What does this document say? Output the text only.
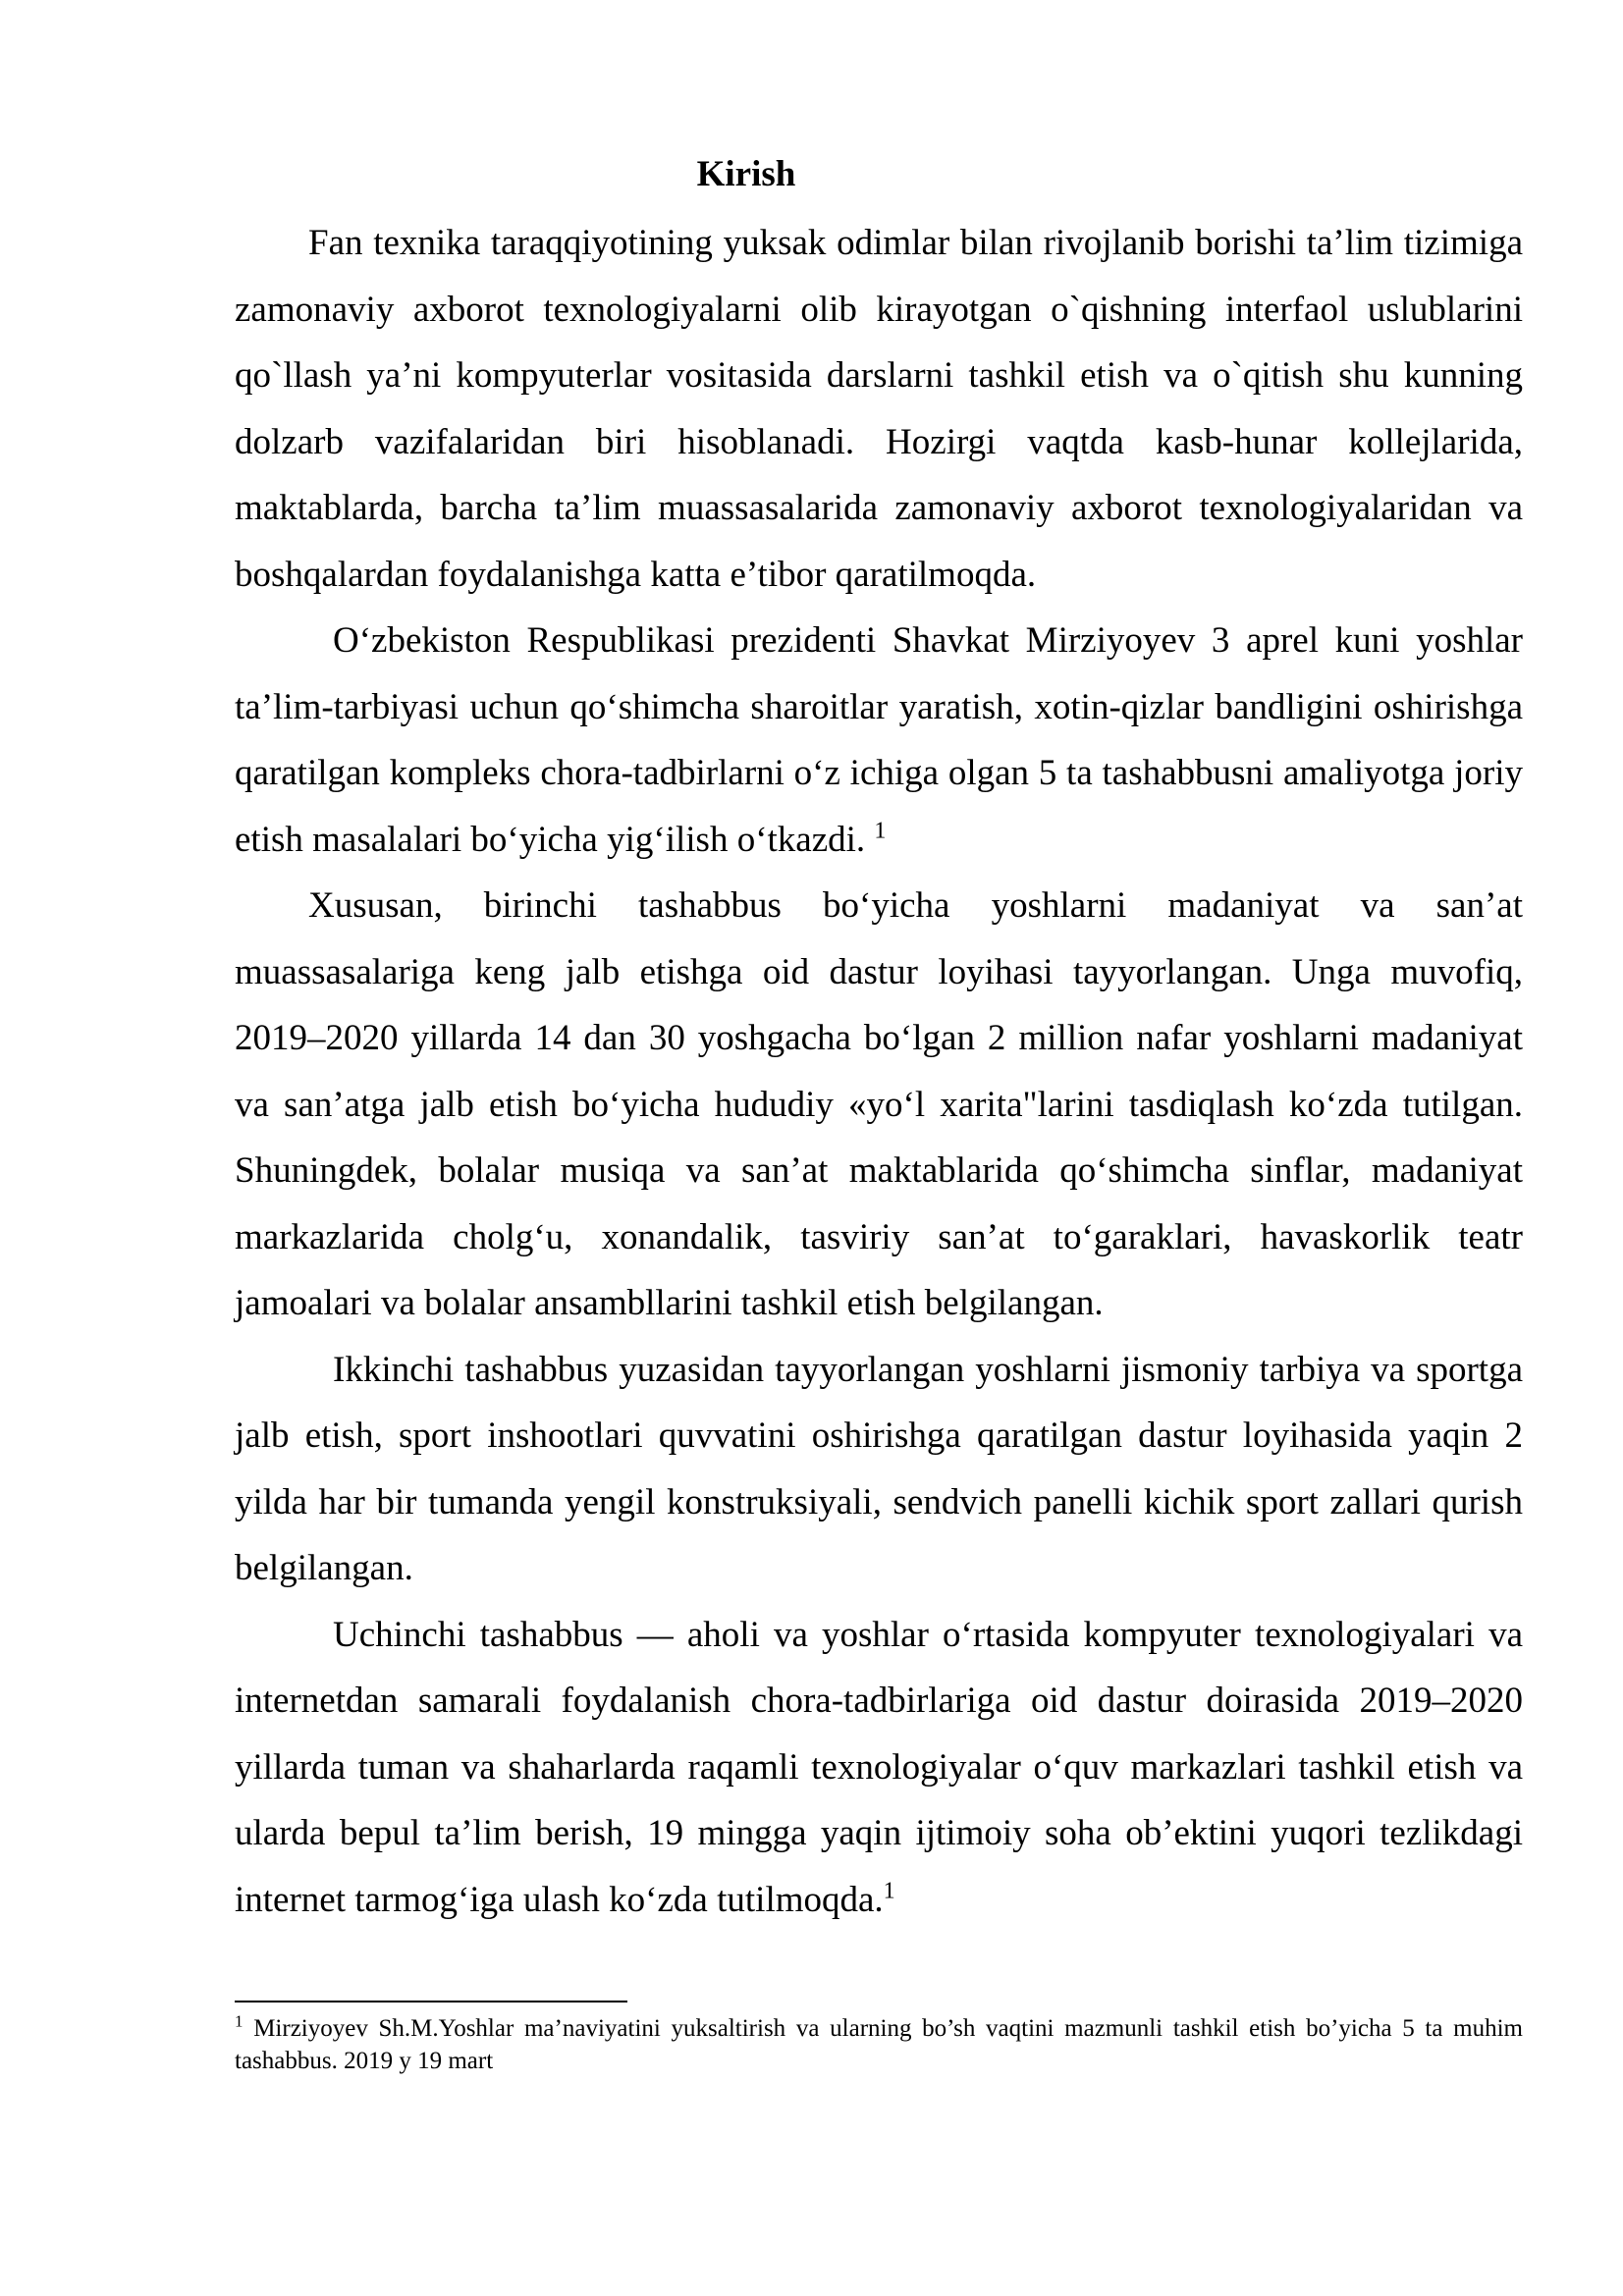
Kirish

Fan texnika taraqqiyotining yuksak odimlar bilan rivojlanib borishi ta’lim tizimiga zamonaviy axborot texnologiyalarni olib kirayotgan o`qishning interfaol uslublarini qo`llash ya’ni kompyuterlar vositasida darslarni tashkil etish va o`qitish shu kunning dolzarb vazifalaridan biri hisoblanadi. Hozirgi vaqtda kasb-hunar kollejlarida, maktablarda, barcha ta’lim muassasalarida zamonaviy axborot texnologiyalaridan va boshqalardan foydalanishga katta e’tibor qaratilmoqda.

O‘zbekiston Respublikasi prezidenti Shavkat Mirziyoyev 3 aprel kuni yoshlar ta’lim-tarbiyasi uchun qo‘shimcha sharoitlar yaratish, xotin-qizlar bandligini oshirishga qaratilgan kompleks chora-tadbirlarni o‘z ichiga olgan 5 ta tashabbusni amaliyotga joriy etish masalalari bo‘yicha yig‘ilish o‘tkazdi. $^1$

Xususan, birinchi tashabbus bo‘yicha yoshlarni madaniyat va san’at muassasalariga keng jalb etishga oid dastur loyihasi tayyorlangan. Unga muvofiq, 2019‒2020 yillarda 14 dan 30 yoshgacha bo‘lgan 2 million nafar yoshlarni madaniyat va san’atga jalb etish bo‘yicha hududiy «yo‘l xarita"larini tasdiqlash ko‘zda tutilgan. Shuningdek, bolalar musiqa va san’at maktablarida qo‘shimcha sinflar, madaniyat markazlarida cholg‘u, xonandalik, tasviriy san’at to‘garaklari, havaskorlik teatr jamoalari va bolalar ansambllarini tashkil etish belgilangan.

Ikkinchi tashabbus yuzasidan tayyorlangan yoshlarni jismoniy tarbiya va sportga jalb etish, sport inshootlari quvvatini oshirishga qaratilgan dastur loyihasida yaqin 2 yilda har bir tumanda yengil konstruksiyali, sendvich panelli kichik sport zallari qurish belgilangan.

Uchinchi tashabbus — aholi va yoshlar o‘rtasida kompyuter texnologiyalari va internetdan samarali foydalanish chora-tadbirlariga oid dastur doirasida 2019‒2020 yillarda tuman va shaharlarda raqamli texnologiyalar o‘quv markazlari tashkil etish va ularda bepul ta’lim berish, 19 mingga yaqin ijtimoiy soha ob’ektini yuqori tezlikdagi internet tarmog‘iga ulash ko‘zda tutilmoqda.$^1$

$^1$ Mirziyoyev Sh.M.Yoshlar ma’naviyatini yuksaltirish va ularning bo’sh vaqtini mazmunli tashkil etish bo’yicha 5 ta muhim tashabbus. 2019 y 19 mart
